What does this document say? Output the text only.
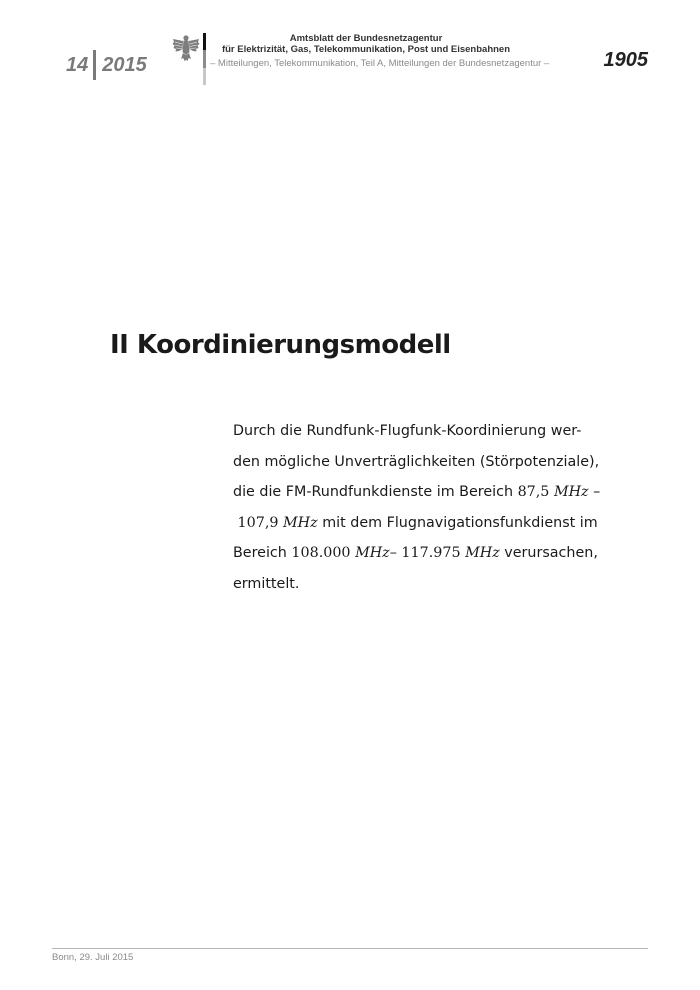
14 2015
Amtsblatt der Bundesnetzagentur
für Elektrizität, Gas, Telekommunikation, Post und Eisenbahnen
– Mitteilungen, Telekommunikation, Teil A, Mitteilungen der Bundesnetzagentur –	1905
II Koordinierungsmodell

Durch die Rundfunk-Flugfunk-Koordinierung wer-
den mögliche Unverträglichkeiten (Störpotenziale),
die die FM-Rundfunkdienste im Bereich 87,5 MHz –
107,9 MHz mit dem Flugnavigationsfunkdienst im
Bereich 108.000 MHz– 117.975 MHz verursachen,
ermittelt.

Bonn, 29. Juli 2015
